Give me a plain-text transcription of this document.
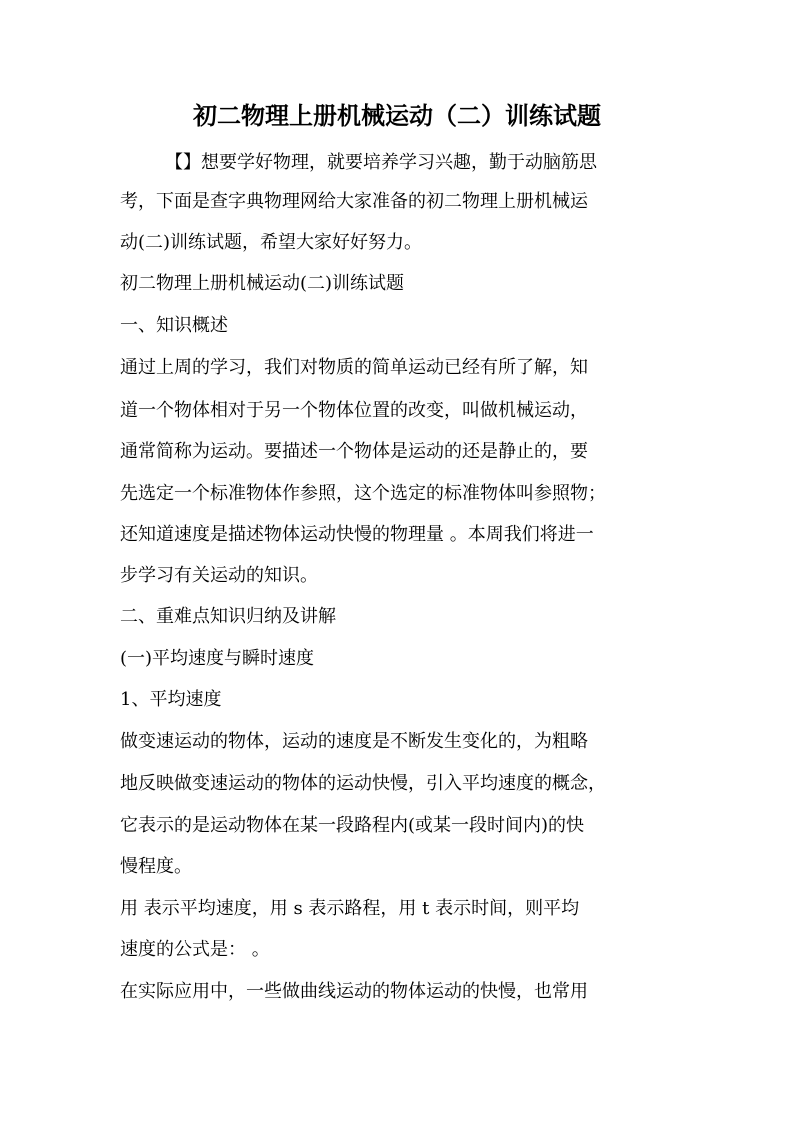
初二物理上册机械运动（二）训练试题
【】想要学好物理，就要培养学习兴趣，勤于动脑筋思
考，下面是查字典物理网给大家准备的初二物理上册机械运
动(二)训练试题，希望大家好好努力。
初二物理上册机械运动(二)训练试题
一、知识概述
通过上周的学习，我们对物质的简单运动已经有所了解，知
道一个物体相对于另一个物体位置的改变，叫做机械运动，
通常简称为运动。要描述一个物体是运动的还是静止的，要
先选定一个标准物体作参照，这个选定的标准物体叫参照物；
还知道速度是描述物体运动快慢的物理量 。本周我们将进一
步学习有关运动的知识。
二、重难点知识归纳及讲解
(一)平均速度与瞬时速度
1、平均速度
做变速运动的物体，运动的速度是不断发生变化的，为粗略
地反映做变速运动的物体的运动快慢，引入平均速度的概念，
它表示的是运动物体在某一段路程内(或某一段时间内)的快
慢程度。
用 表示平均速度，用 s 表示路程，用 t 表示时间，则平均
速度的公式是： 。
在实际应用中，一些做曲线运动的物体运动的快慢，也常用
